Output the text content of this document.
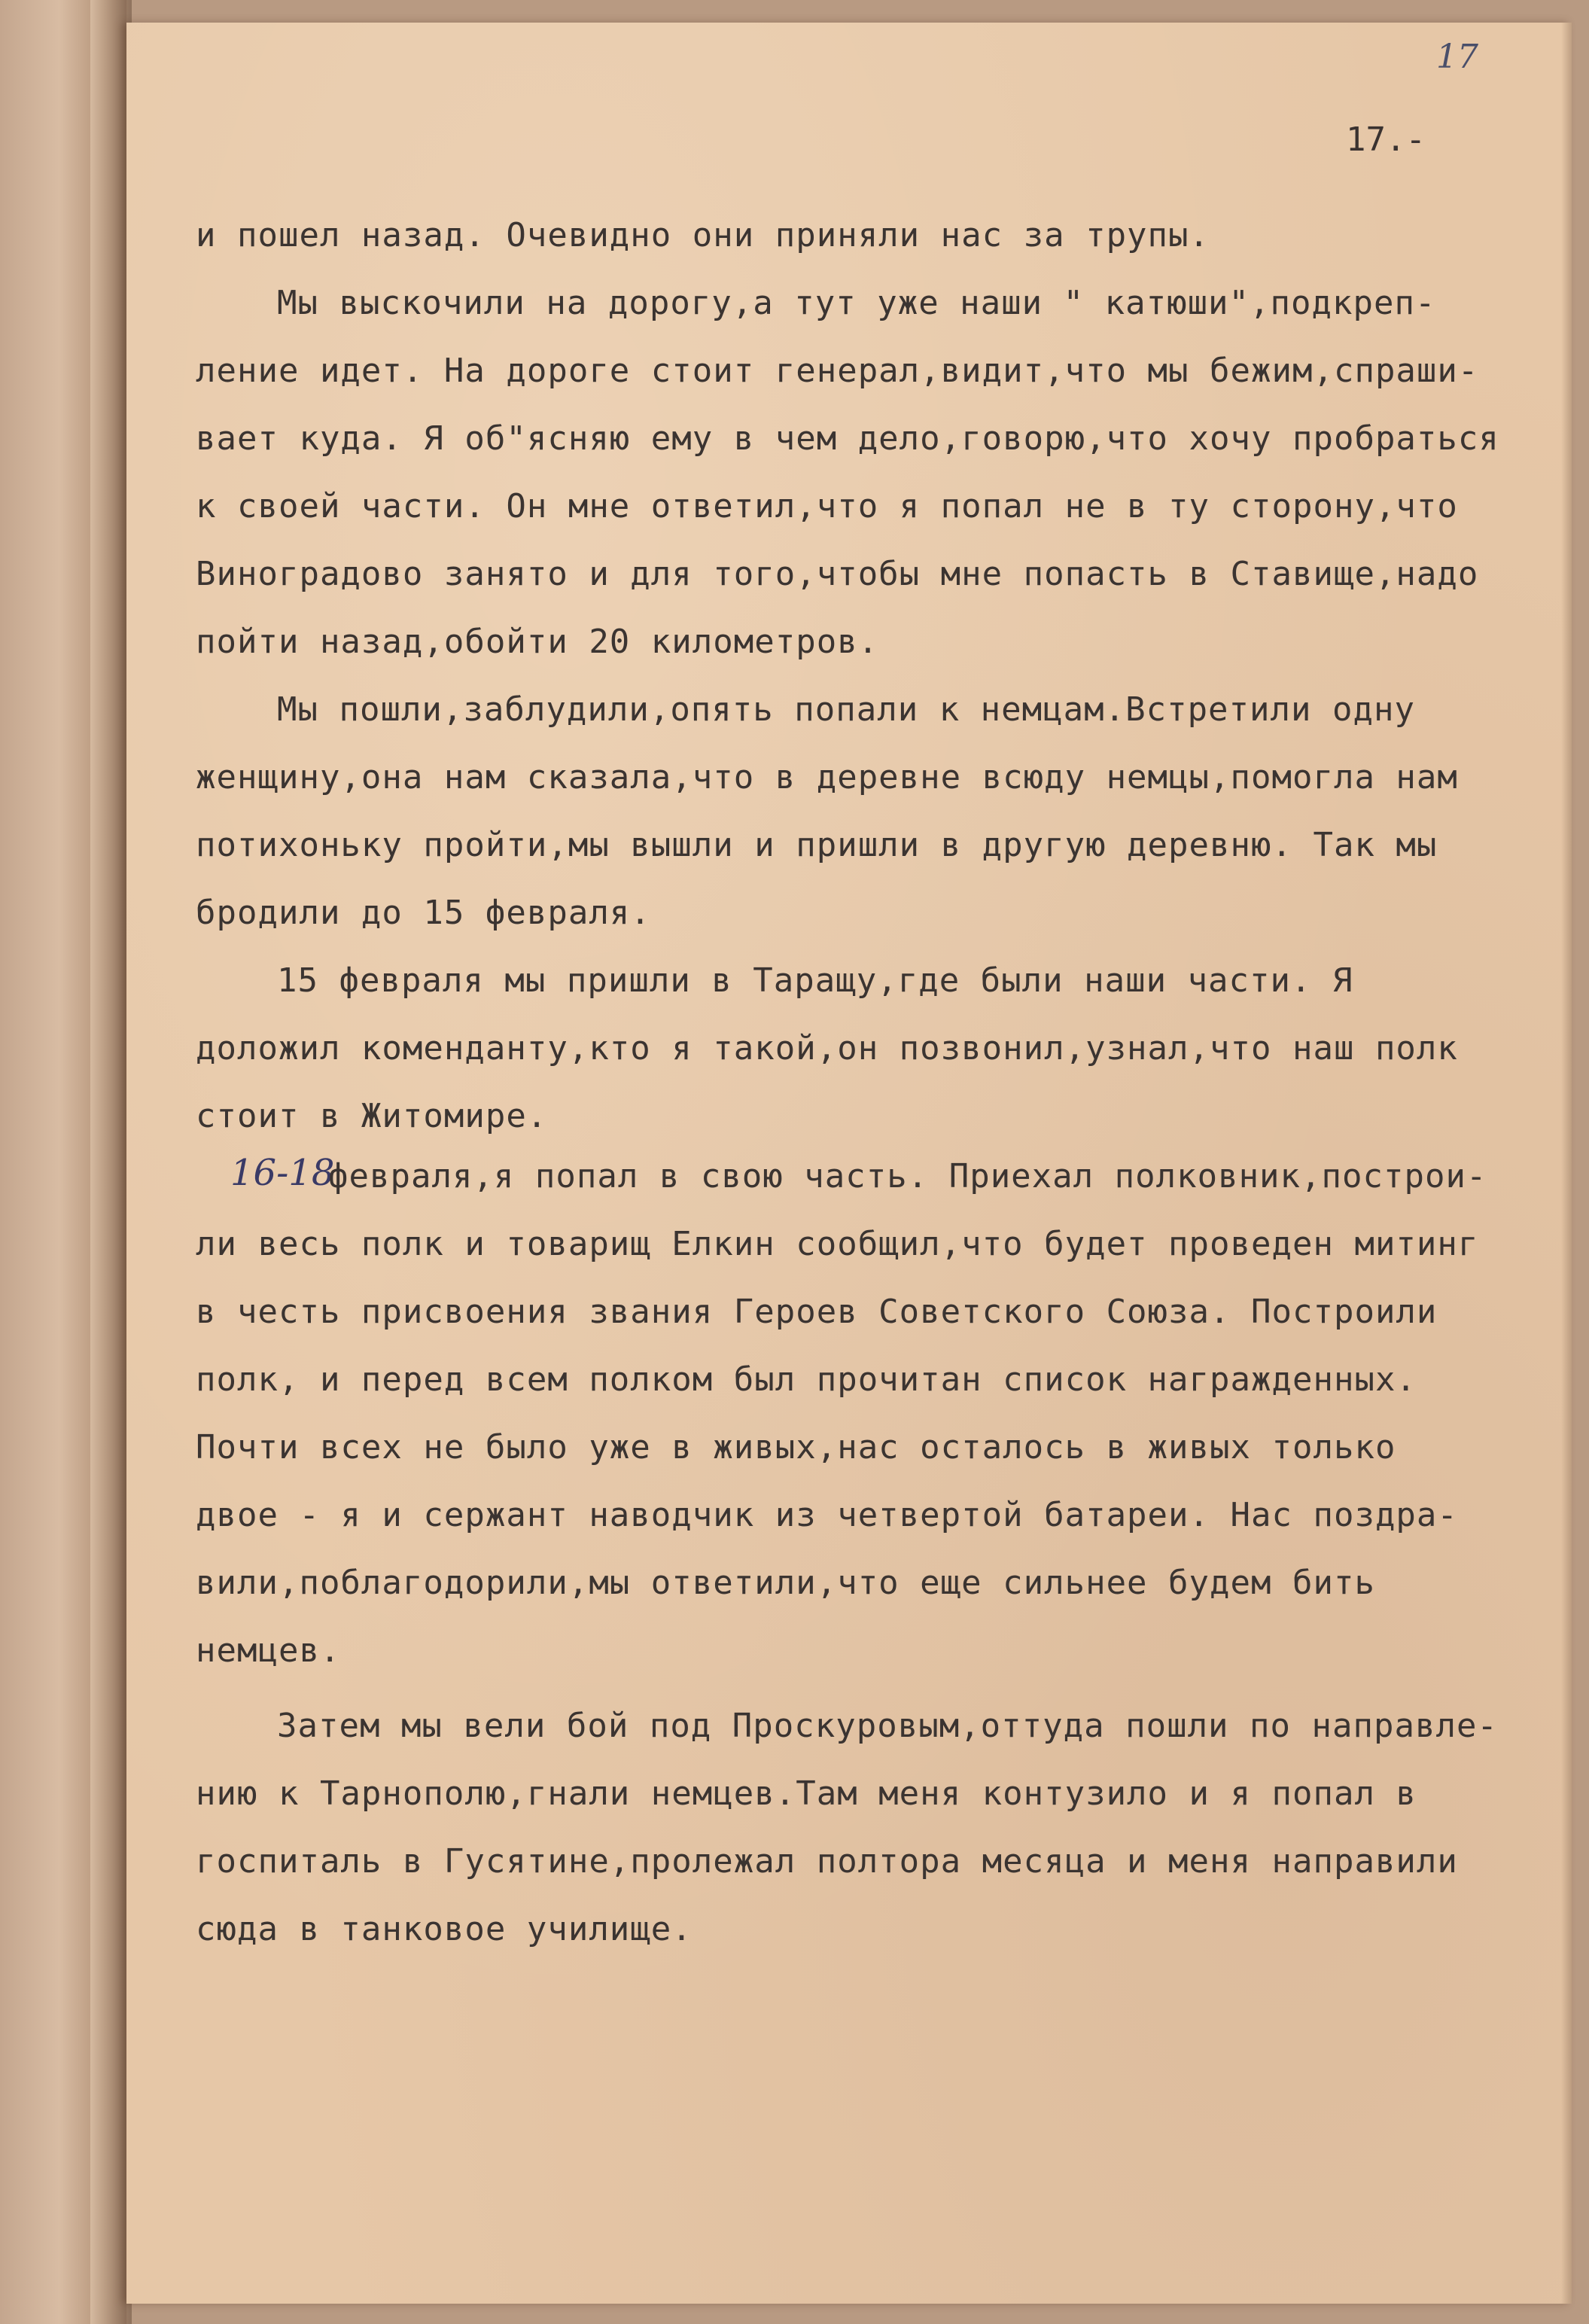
17
17.-
и пошел назад. Очевидно они приняли нас за трупы.
Мы выскочили на дорогу,а тут уже наши " катюши",подкреп-
ление идет. На дороге стоит генерал,видит,что мы бежим,спраши-
вает куда. Я об"ясняю ему в чем дело,говорю,что хочу пробраться
к своей части. Он мне ответил,что я попал не в ту сторону,что
Виноградово занято и для того,чтобы мне попасть в Ставище,надо
пойти назад,обойти 20 километров.
Мы пошли,заблудили,опять попали к немцам.Встретили одну
женщину,она нам сказала,что в деревне всюду немцы,помогла нам
потихоньку пройти,мы вышли и пришли в другую деревню. Так мы
бродили до 15 февраля.
15 февраля мы пришли в Таращу,где были наши части. Я
доложил коменданту,кто я такой,он позвонил,узнал,что наш полк
стоит в Житомире.
16-18
февраля,я попал в свою часть. Приехал полковник,построи-
ли весь полк и товарищ Елкин сообщил,что будет проведен митинг
в честь присвоения звания Героев Советского Союза. Построили
полк, и перед всем полком был прочитан список награжденных.
Почти всех не было уже в живых,нас осталось в живых только
двое - я и сержант наводчик из четвертой батареи. Нас поздра-
вили,поблагодорили,мы ответили,что еще сильнее будем бить
немцев.
Затем мы вели бой под Проскуровым,оттуда пошли по направле-
нию к Тарнополю,гнали немцев.Там меня контузило и я попал в
госпиталь в Гусятине,пролежал полтора месяца и меня направили
сюда в танковое училище.
